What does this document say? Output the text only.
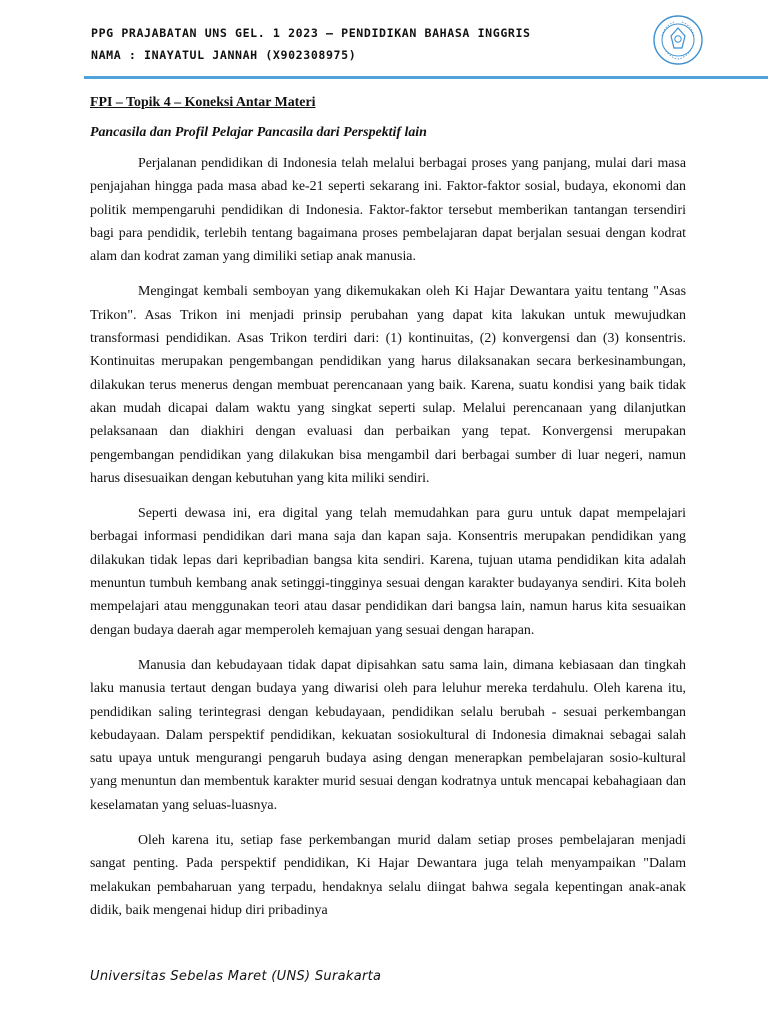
PPG PRAJABATAN UNS GEL. 1 2023 – PENDIDIKAN BAHASA INGGRIS
NAMA : INAYATUL JANNAH (X902308975)

FPI – Topik 4 – Koneksi Antar Materi

Pancasila dan Profil Pelajar Pancasila dari Perspektif lain

Perjalanan pendidikan di Indonesia telah melalui berbagai proses yang panjang, mulai dari masa penjajahan hingga pada masa abad ke-21 seperti sekarang ini. Faktor-faktor sosial, budaya, ekonomi dan politik mempengaruhi pendidikan di Indonesia. Faktor-faktor tersebut memberikan tantangan tersendiri bagi para pendidik, terlebih tentang bagaimana proses pembelajaran dapat berjalan sesuai dengan kodrat alam dan kodrat zaman yang dimiliki setiap anak manusia.

Mengingat kembali semboyan yang dikemukakan oleh Ki Hajar Dewantara yaitu tentang "Asas Trikon". Asas Trikon ini menjadi prinsip perubahan yang dapat kita lakukan untuk mewujudkan transformasi pendidikan. Asas Trikon terdiri dari: (1) kontinuitas, (2) konvergensi dan (3) konsentris. Kontinuitas merupakan pengembangan pendidikan yang harus dilaksanakan secara berkesinambungan, dilakukan terus menerus dengan membuat perencanaan yang baik. Karena, suatu kondisi yang baik tidak akan mudah dicapai dalam waktu yang singkat seperti sulap. Melalui perencanaan yang dilanjutkan pelaksanaan dan diakhiri dengan evaluasi dan perbaikan yang tepat. Konvergensi merupakan pengembangan pendidikan yang dilakukan bisa mengambil dari berbagai sumber di luar negeri, namun harus disesuaikan dengan kebutuhan yang kita miliki sendiri.

Seperti dewasa ini, era digital yang telah memudahkan para guru untuk dapat mempelajari berbagai informasi pendidikan dari mana saja dan kapan saja. Konsentris merupakan pendidikan yang dilakukan tidak lepas dari kepribadian bangsa kita sendiri. Karena, tujuan utama pendidikan kita adalah menuntun tumbuh kembang anak setinggi-tingginya sesuai dengan karakter budayanya sendiri. Kita boleh mempelajari atau menggunakan teori atau dasar pendidikan dari bangsa lain, namun harus kita sesuaikan dengan budaya daerah agar memperoleh kemajuan yang sesuai dengan harapan.

Manusia dan kebudayaan tidak dapat dipisahkan satu sama lain, dimana kebiasaan dan tingkah laku manusia tertaut dengan budaya yang diwarisi oleh para leluhur mereka terdahulu. Oleh karena itu, pendidikan saling terintegrasi dengan kebudayaan, pendidikan selalu berubah - sesuai perkembangan kebudayaan. Dalam perspektif pendidikan, kekuatan sosiokultural di Indonesia dimaknai sebagai salah satu upaya untuk mengurangi pengaruh budaya asing dengan menerapkan pembelajaran sosio-kultural yang menuntun dan membentuk karakter murid sesuai dengan kodratnya untuk mencapai kebahagiaan dan keselamatan yang seluas-luasnya.

Oleh karena itu, setiap fase perkembangan murid dalam setiap proses pembelajaran menjadi sangat penting. Pada perspektif pendidikan, Ki Hajar Dewantara juga telah menyampaikan "Dalam melakukan pembaharuan yang terpadu, hendaknya selalu diingat bahwa segala kepentingan anak-anak didik, baik mengenai hidup diri pribadinya

Universitas Sebelas Maret (UNS) Surakarta
